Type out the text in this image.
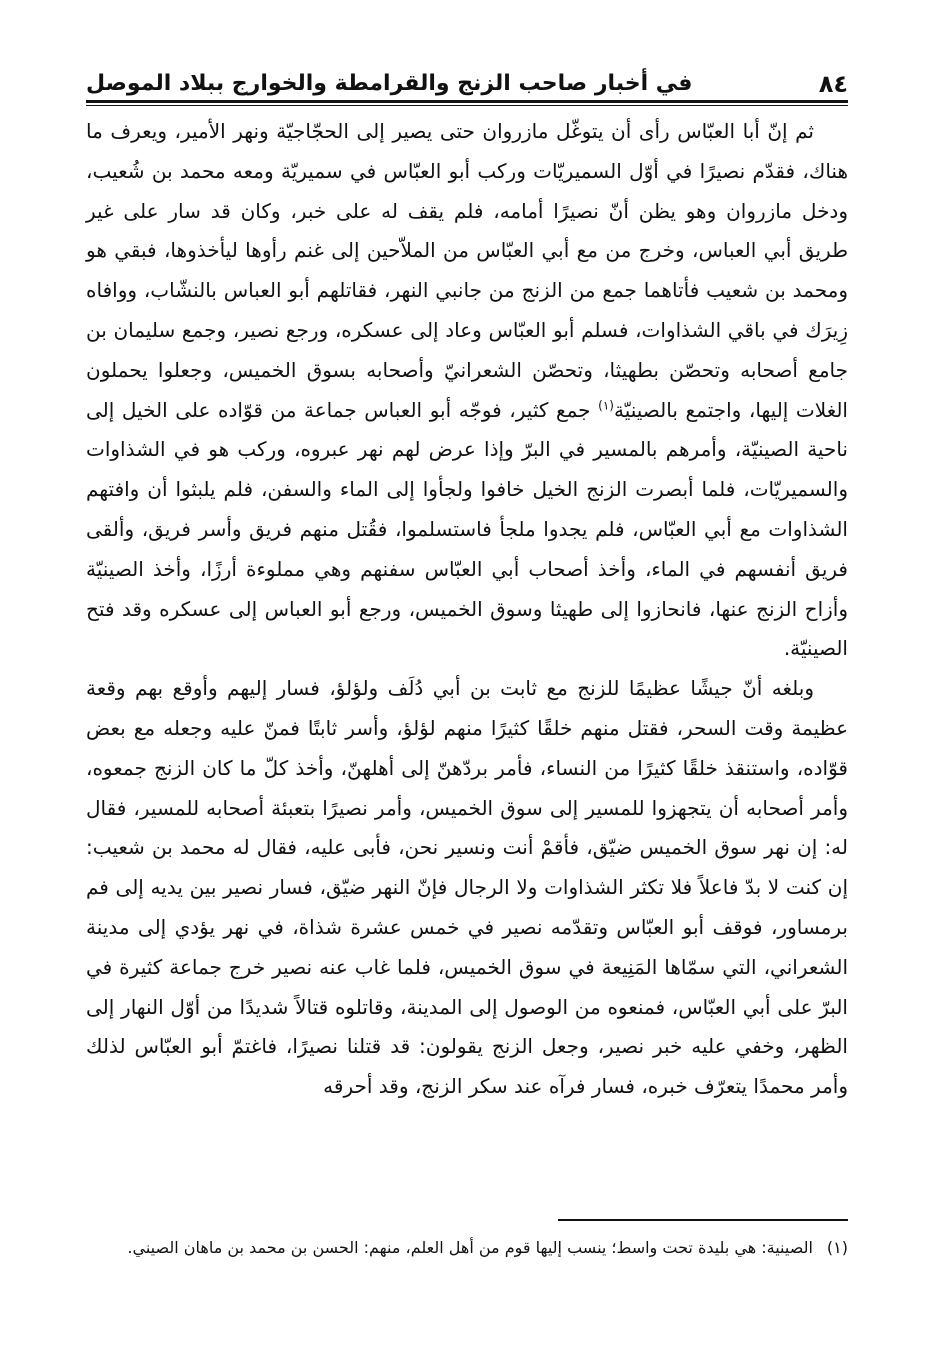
٨٤
في أخبار صاحب الزنج والقرامطة والخوارج ببلاد الموصل

ثم إنّ أبا العبّاس رأى أن يتوغّل مازروان حتى يصير إلى الحجّاجيّة ونهر الأمير، ويعرف ما هناك، فقدّم نصيرًا في أوّل السميريّات وركب أبو العبّاس في سميريّة ومعه محمد بن شُعيب، ودخل مازروان وهو يظن أنّ نصيرًا أمامه، فلم يقف له على خبر، وكان قد سار على غير طريق أبي العباس، وخرج من مع أبي العبّاس من الملاّحين إلى غنم رأوها ليأخذوها، فبقي هو ومحمد بن شعيب فأتاهما جمع من الزنج من جانبي النهر، فقاتلهم أبو العباس بالنشّاب، ووافاه زِيرَك في باقي الشذاوات، فسلم أبو العبّاس وعاد إلى عسكره، ورجع نصير، وجمع سليمان بن جامع أصحابه وتحصّن بطهيثا، وتحصّن الشعرانيّ وأصحابه بسوق الخميس، وجعلوا يحملون الغلات إليها، واجتمع بالصينيّة$^{(١)}$ جمع كثير، فوجّه أبو العباس جماعة من قوّاده على الخيل إلى ناحية الصينيّة، وأمرهم بالمسير في البرّ وإذا عرض لهم نهر عبروه، وركب هو في الشذاوات والسميريّات، فلما أبصرت الزنج الخيل خافوا ولجأوا إلى الماء والسفن، فلم يلبثوا أن وافتهم الشذاوات مع أبي العبّاس، فلم يجدوا ملجأ فاستسلموا، فقُتل منهم فريق وأسر فريق، وألقى فريق أنفسهم في الماء، وأخذ أصحاب أبي العبّاس سفنهم وهي مملوءة أرزًا، وأخذ الصينيّة وأزاح الزنج عنها، فانحازوا إلى طهيثا وسوق الخميس، ورجع أبو العباس إلى عسكره وقد فتح الصينيّة.

وبلغه أنّ جيشًا عظيمًا للزنج مع ثابت بن أبي دُلَف ولؤلؤ، فسار إليهم وأوقع بهم وقعة عظيمة وقت السحر، فقتل منهم خلقًا كثيرًا منهم لؤلؤ، وأسر ثابتًا فمنّ عليه وجعله مع بعض قوّاده، واستنقذ خلقًا كثيرًا من النساء، فأمر بردّهنّ إلى أهلهنّ، وأخذ كلّ ما كان الزنج جمعوه، وأمر أصحابه أن يتجهزوا للمسير إلى سوق الخميس، وأمر نصيرًا بتعبئة أصحابه للمسير، فقال له: إن نهر سوق الخميس ضيّق، فأقمْ أنت ونسير نحن، فأبى عليه، فقال له محمد بن شعيب: إن كنت لا بدّ فاعلاً فلا تكثر الشذاوات ولا الرجال فإنّ النهر ضيّق، فسار نصير بين يديه إلى فم برمساور، فوقف أبو العبّاس وتقدّمه نصير في خمس عشرة شذاة، في نهر يؤدي إلى مدينة الشعراني، التي سمّاها المَنِيعة في سوق الخميس، فلما غاب عنه نصير خرج جماعة كثيرة في البرّ على أبي العبّاس، فمنعوه من الوصول إلى المدينة، وقاتلوه قتالاً شديدًا من أوّل النهار إلى الظهر، وخفي عليه خبر نصير، وجعل الزنج يقولون: قد قتلنا نصيرًا، فاغتمّ أبو العبّاس لذلك وأمر محمدًا يتعرّف خبره، فسار فرآه عند سكر الزنج، وقد أحرقه

(١)الصينية: هي بليدة تحت واسط؛ ينسب إليها قوم من أهل العلم، منهم: الحسن بن محمد بن ماهان الصيني.
